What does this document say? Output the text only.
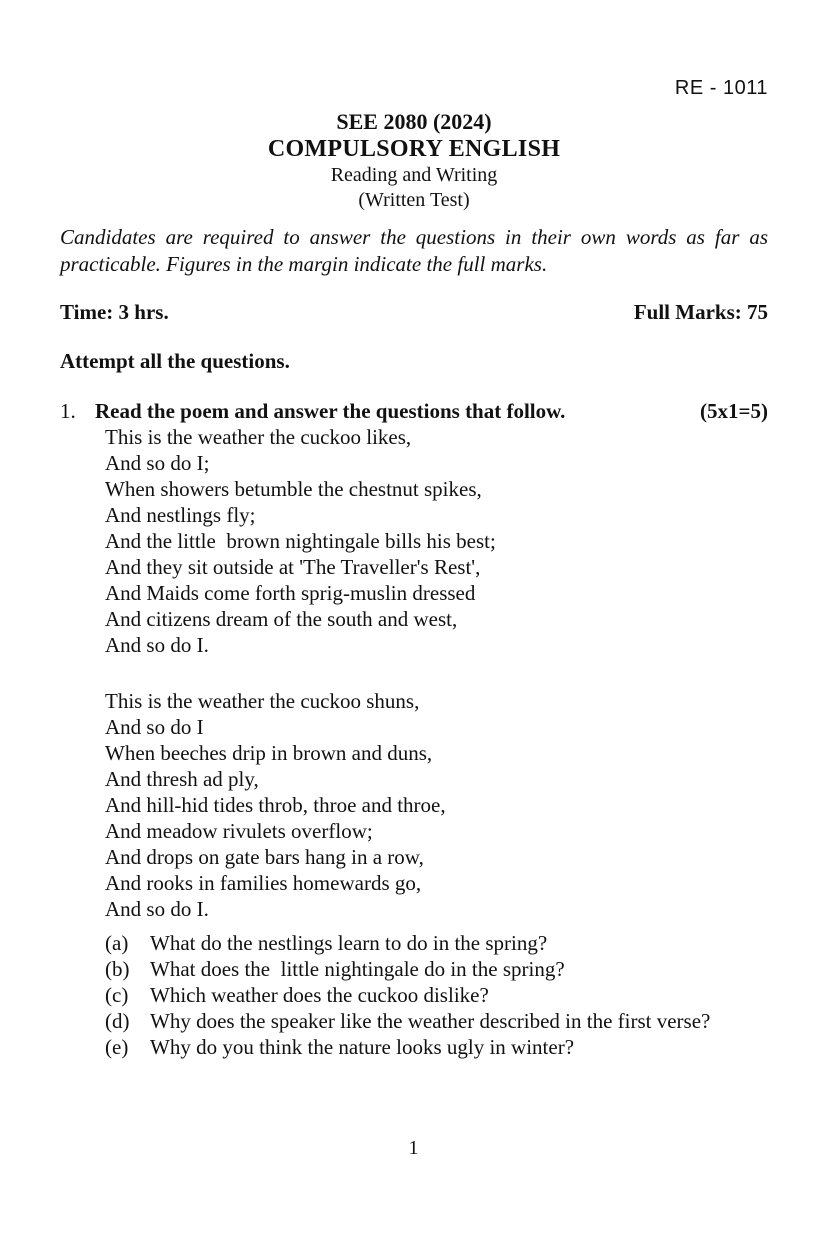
RE - 1011
SEE 2080 (2024)
COMPULSORY ENGLISH
Reading and Writing
(Written Test)
Candidates are required to answer the questions in their own words as far as practicable. Figures in the margin indicate the full marks.
Time: 3 hrs.	Full Marks: 75
Attempt all the questions.
1. Read the poem and answer the questions that follow.	(5x1=5)
This is the weather the cuckoo likes,
And so do I;
When showers betumble the chestnut spikes,
And nestlings fly;
And the little  brown nightingale bills his best;
And they sit outside at 'The Traveller's Rest',
And Maids come forth sprig-muslin dressed
And citizens dream of the south and west,
And so do I.
This is the weather the cuckoo shuns,
And so do I
When beeches drip in brown and duns,
And thresh ad ply,
And hill-hid tides throb, throe and throe,
And meadow rivulets overflow;
And drops on gate bars hang in a row,
And rooks in families homewards go,
And so do I.
(a)	What do the nestlings learn to do in the spring?
(b) What does the  little nightingale do in the spring?
(c)	Which weather does the cuckoo dislike?
(d) Why does the speaker like the weather described in the first verse?
(e)	Why do you think the nature looks ugly in winter?
1
